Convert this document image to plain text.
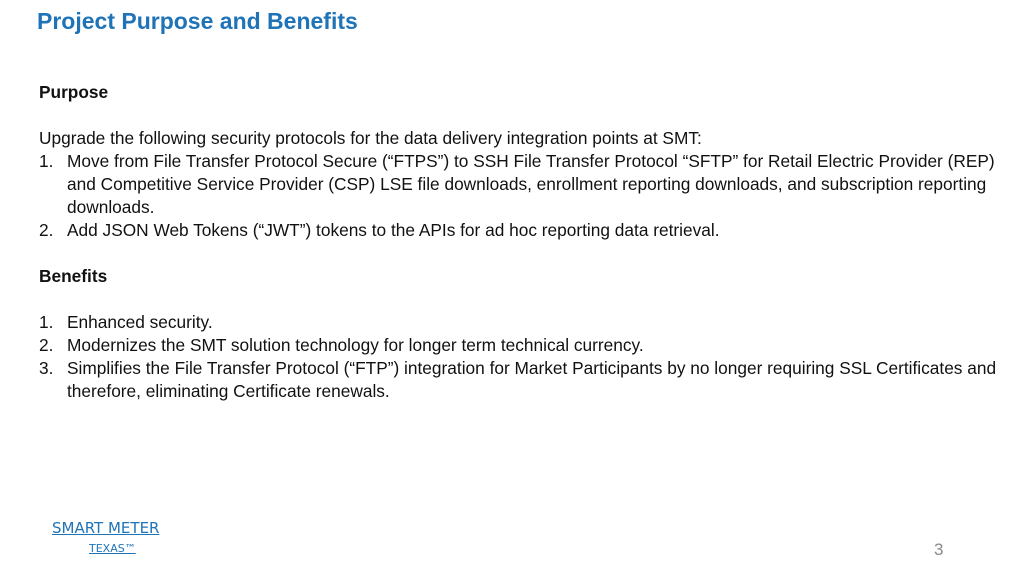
Project Purpose and Benefits

Purpose

Upgrade the following security protocols for the data delivery integration points at SMT:

1. Move from File Transfer Protocol Secure (“FTPS”) to SSH File Transfer Protocol “SFTP” for Retail Electric Provider (REP) and Competitive Service Provider (CSP) LSE file downloads, enrollment reporting downloads, and subscription reporting downloads.
2. Add JSON Web Tokens (“JWT”) tokens to the APIs for ad hoc reporting data retrieval.

Benefits

1. Enhanced security.
2. Modernizes the SMT solution technology for longer term technical currency.
3. Simplifies the File Transfer Protocol (“FTP”) integration for Market Participants by no longer requiring SSL Certificates and therefore, eliminating Certificate renewals.
SMART METER
TEXAS™	3
